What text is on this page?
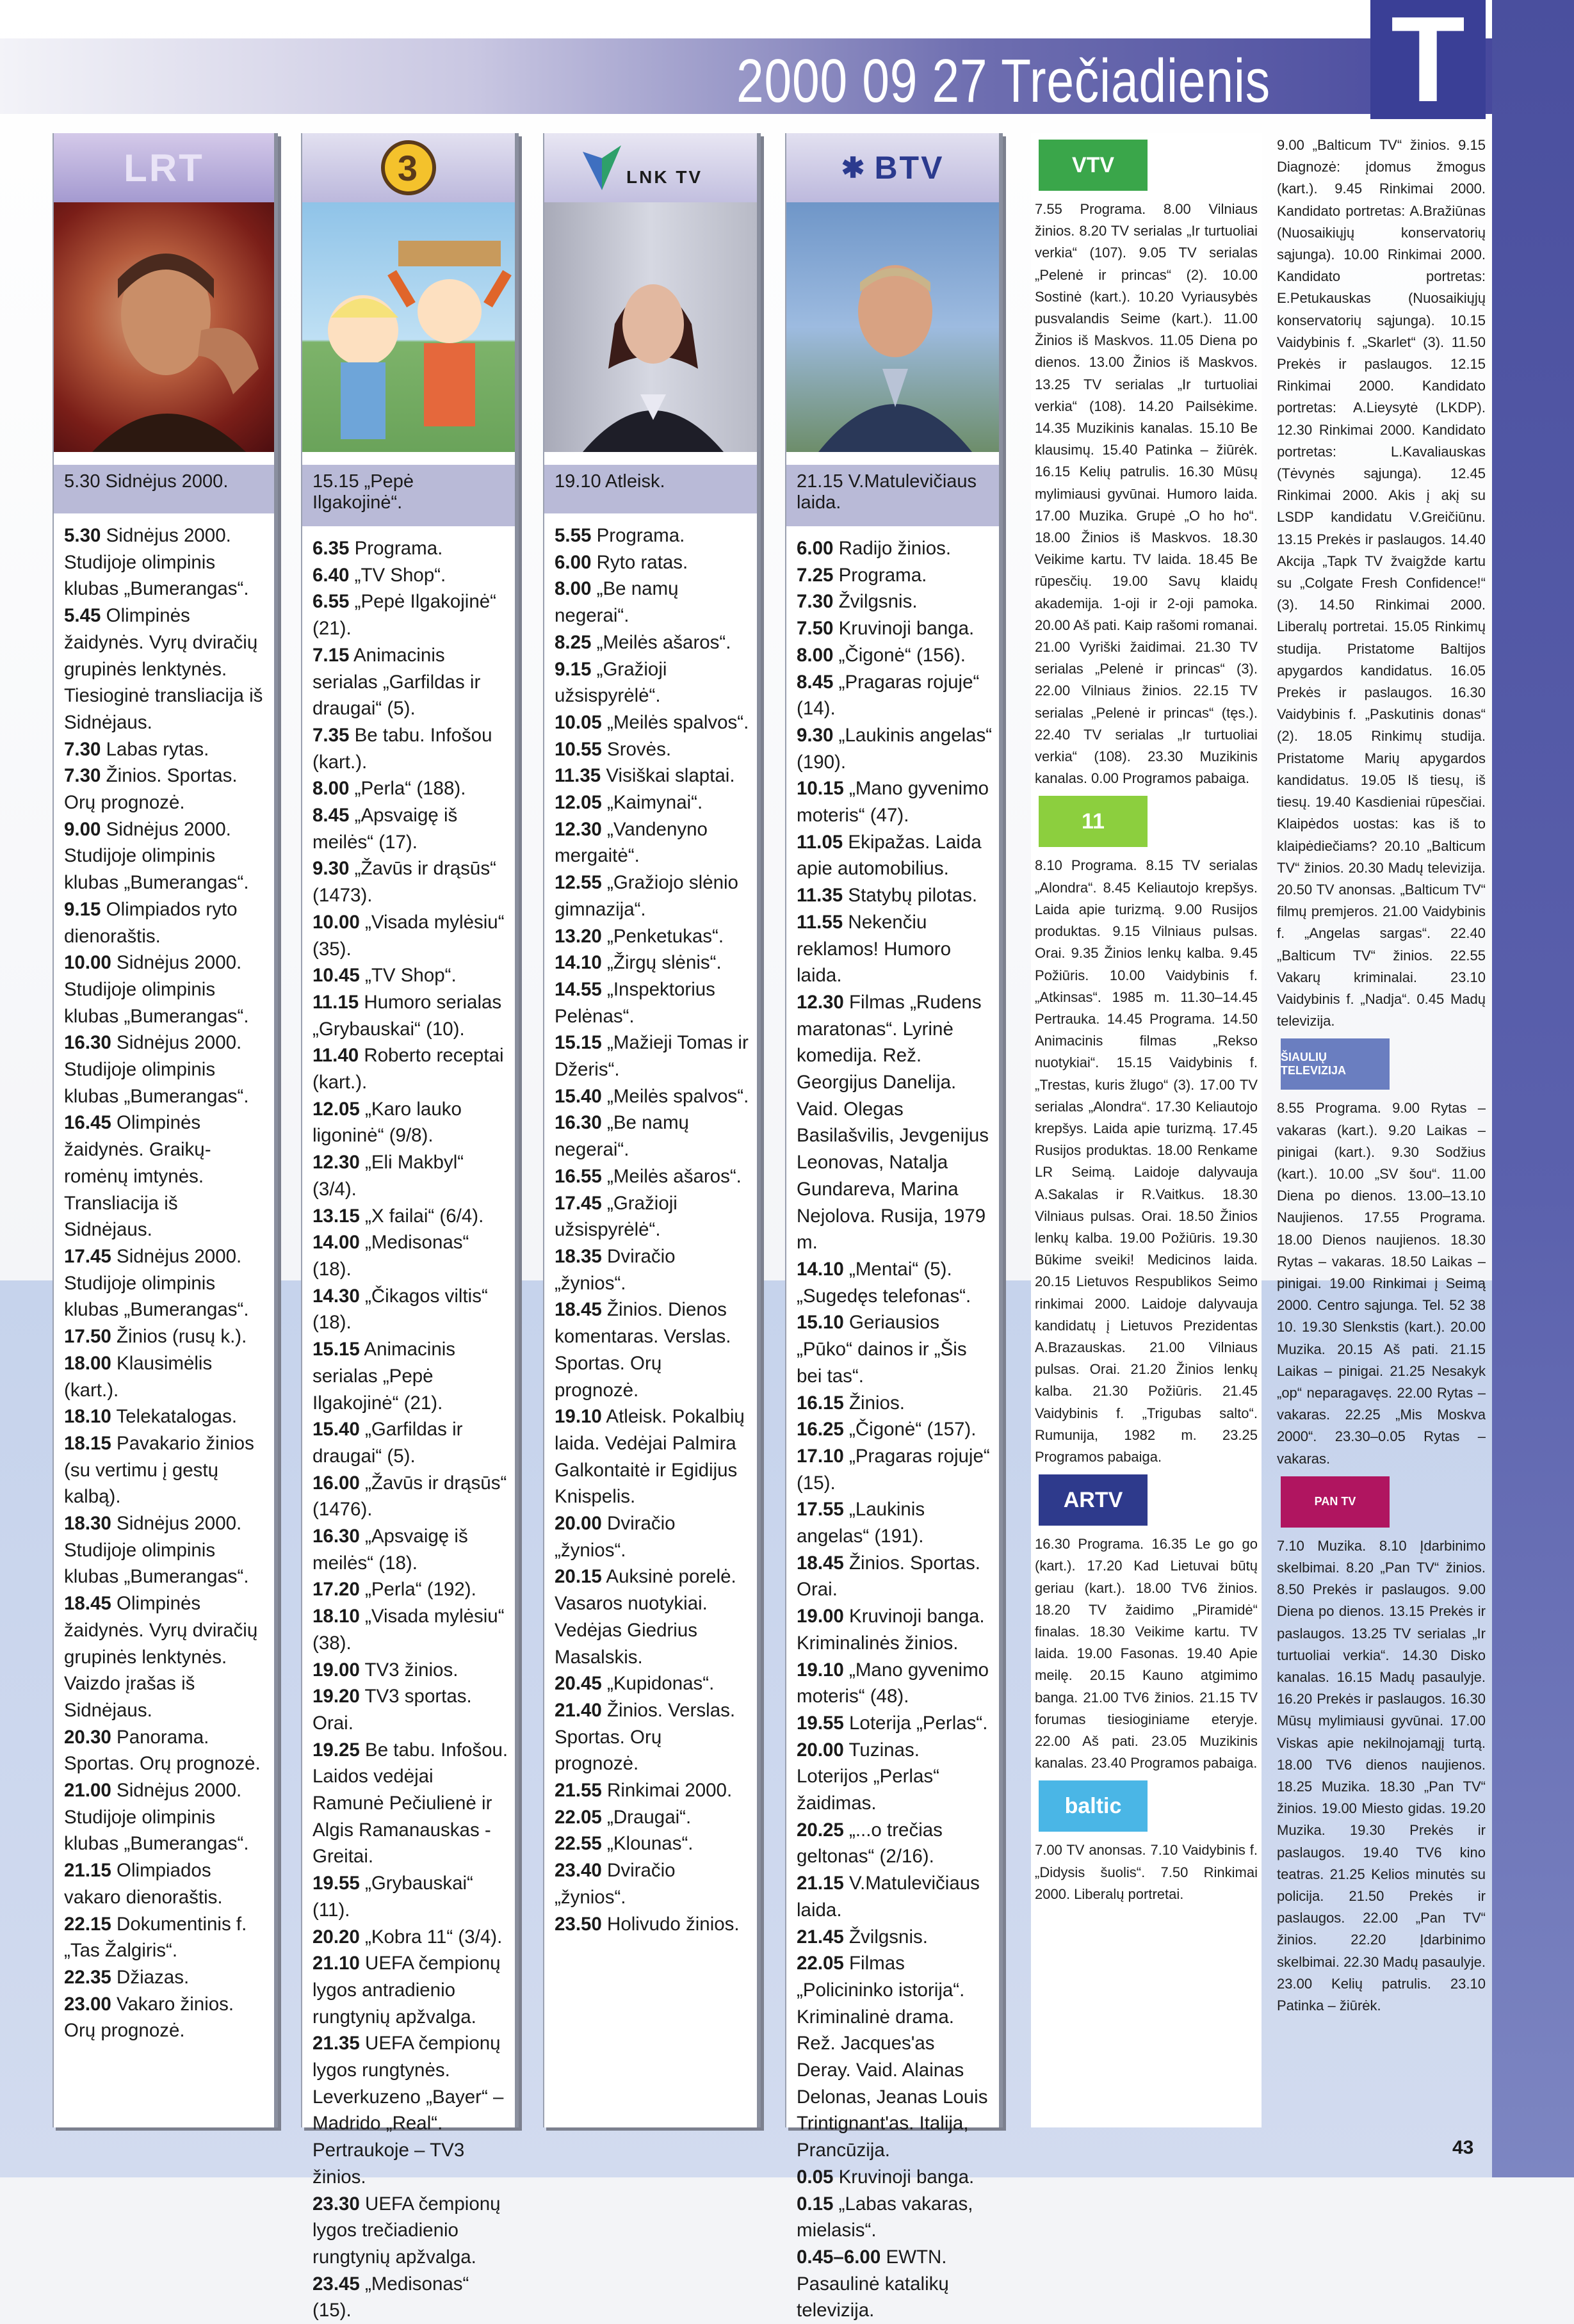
2000 09 27 Trečiadienis T
LRT
5.30 Sidnėjus 2000.
5.30 Sidnėjus 2000. Studijoje olimpinis klubas „Bumerangas“.
5.45 Olimpinės žaidynės. Vyrų dviračių grupinės lenktynės. Tiesioginė transliacija iš Sidnėjaus.
7.30 Labas rytas.
7.30 Žinios. Sportas. Orų prognozė.
9.00 Sidnėjus 2000. Studijoje olimpinis klubas „Bumerangas“.
9.15 Olimpiados ryto dienoraštis.
10.00 Sidnėjus 2000. Studijoje olimpinis klubas „Bumerangas“.
16.30 Sidnėjus 2000. Studijoje olimpinis klubas „Bumerangas“.
16.45 Olimpinės žaidynės. Graikų-romėnų imtynės. Transliacija iš Sidnėjaus.
17.45 Sidnėjus 2000. Studijoje olimpinis klubas „Bumerangas“.
17.50 Žinios (rusų k.).
18.00 Klausimėlis (kart.).
18.10 Telekatalogas.
18.15 Pavakario žinios (su vertimu į gestų kalbą).
18.30 Sidnėjus 2000. Studijoje olimpinis klubas „Bumerangas“.
18.45 Olimpinės žaidynės. Vyrų dviračių grupinės lenktynės. Vaizdo įrašas iš Sidnėjaus.
20.30 Panorama. Sportas. Orų prognozė.
21.00 Sidnėjus 2000. Studijoje olimpinis klubas „Bumerangas“.
21.15 Olimpiados vakaro dienoraštis.
22.15 Dokumentinis f. „Tas Žalgiris“.
22.35 Džiazas.
23.00 Vakaro žinios. Orų prognozė.
3
15.15 „Pepė Ilgakojinė“.
6.35 Programa.
6.40 „TV Shop“.
6.55 „Pepė Ilgakojinė“ (21).
7.15 Animacinis serialas „Garfildas ir draugai“ (5).
7.35 Be tabu. Infošou (kart.).
8.00 „Perla“ (188).
8.45 „Apsvaigę iš meilės“ (17).
9.30 „Žavūs ir drąsūs“ (1473).
10.00 „Visada mylėsiu“ (35).
10.45 „TV Shop“.
11.15 Humoro serialas „Grybauskai“ (10).
11.40 Roberto receptai (kart.).
12.05 „Karo lauko ligoninė“ (9/8).
12.30 „Eli Makbyl“ (3/4).
13.15 „X failai“ (6/4).
14.00 „Medisonas“ (18).
14.30 „Čikagos viltis“ (18).
15.15 Animacinis serialas „Pepė Ilgakojinė“ (21).
15.40 „Garfildas ir draugai“ (5).
16.00 „Žavūs ir drąsūs“ (1476).
16.30 „Apsvaigę iš meilės“ (18).
17.20 „Perla“ (192).
18.10 „Visada mylėsiu“ (38).
19.00 TV3 žinios.
19.20 TV3 sportas. Orai.
19.25 Be tabu. Infošou. Laidos vedėjai Ramunė Pečiulienė ir Algis Ramanauskas - Greitai.
19.55 „Grybauskai“ (11).
20.20 „Kobra 11“ (3/4).
21.10 UEFA čempionų lygos antradienio rungtynių apžvalga.
21.35 UEFA čempionų lygos rungtynės. Leverkuzeno „Bayer“ – Madrido „Real“. Pertraukoje – TV3 žinios.
23.30 UEFA čempionų lygos trečiadienio rungtynių apžvalga.
23.45 „Medisonas“ (15).
LNK TV
19.10 Atleisk.
5.55 Programa.
6.00 Ryto ratas.
8.00 „Be namų negerai“.
8.25 „Meilės ašaros“.
9.15 „Gražioji užsispyrėlė“.
10.05 „Meilės spalvos“.
10.55 Srovės.
11.35 Visiškai slaptai.
12.05 „Kaimynai“.
12.30 „Vandenyno mergaitė“.
12.55 „Gražiojo slėnio gimnazija“.
13.20 „Penketukas“.
14.10 „Žirgų slėnis“.
14.55 „Inspektorius Pelėnas“.
15.15 „Mažieji Tomas ir Džeris“.
15.40 „Meilės spalvos“.
16.30 „Be namų negerai“.
16.55 „Meilės ašaros“.
17.45 „Gražioji užsispyrėlė“.
18.35 Dviračio „žynios“.
18.45 Žinios. Dienos komentaras. Verslas. Sportas. Orų prognozė.
19.10 Atleisk. Pokalbių laida. Vedėjai Palmira Galkontaitė ir Egidijus Knispelis.
20.00 Dviračio „žynios“.
20.15 Auksinė porelė. Vasaros nuotykiai. Vedėjas Giedrius Masalskis.
20.45 „Kupidonas“.
21.40 Žinios. Verslas. Sportas. Orų prognozė.
21.55 Rinkimai 2000.
22.05 „Draugai“.
22.55 „Klounas“.
23.40 Dviračio „žynios“.
23.50 Holivudo žinios.
✱ BTV
21.15 V.Matulevičiaus laida.
6.00 Radijo žinios.
7.25 Programa.
7.30 Žvilgsnis.
7.50 Kruvinoji banga.
8.00 „Čigonė“ (156).
8.45 „Pragaras rojuje“ (14).
9.30 „Laukinis angelas“ (190).
10.15 „Mano gyvenimo moteris“ (47).
11.05 Ekipažas. Laida apie automobilius.
11.35 Statybų pilotas.
11.55 Nekenčiu reklamos! Humoro laida.
12.30 Filmas „Rudens maratonas“. Lyrinė komedija. Rež. Georgijus Danelija. Vaid. Olegas Basilašvilis, Jevgenijus Leonovas, Natalja Gundareva, Marina Nejolova. Rusija, 1979 m.
14.10 „Mentai“ (5). „Sugedęs telefonas“.
15.10 Geriausios „Pūko“ dainos ir „Šis bei tas“.
16.15 Žinios.
16.25 „Čigonė“ (157).
17.10 „Pragaras rojuje“ (15).
17.55 „Laukinis angelas“ (191).
18.45 Žinios. Sportas. Orai.
19.00 Kruvinoji banga. Kriminalinės žinios.
19.10 „Mano gyvenimo moteris“ (48).
19.55 Loterija „Perlas“.
20.00 Tuzinas. Loterijos „Perlas“ žaidimas.
20.25 „...o trečias geltonas“ (2/16).
21.15 V.Matulevičiaus laida.
21.45 Žvilgsnis.
22.05 Filmas „Policininko istorija“. Kriminalinė drama. Rež. Jacques'as Deray. Vaid. Alainas Delonas, Jeanas Louis Trintignant'as. Italija, Prancūzija.
0.05 Kruvinoji banga.
0.15 „Labas vakaras, mielasis“.
0.45–6.00 EWTN. Pasaulinė katalikų televizija.
VTV
7.55 Programa. 8.00 Vilniaus žinios. 8.20 TV serialas „Ir turtuoliai verkia“ (107). 9.05 TV serialas „Pelenė ir princas“ (2). 10.00 Sostinė (kart.). 10.20 Vyriausybės pusvalandis Seime (kart.). 11.00 Žinios iš Maskvos. 11.05 Diena po dienos. 13.00 Žinios iš Maskvos. 13.25 TV serialas „Ir turtuoliai verkia“ (108). 14.20 Pailsėkime. 14.35 Muzikinis kanalas. 15.10 Be klausimų. 15.40 Patinka – žiūrėk. 16.15 Kelių patrulis. 16.30 Mūsų mylimiausi gyvūnai. Humoro laida. 17.00 Muzika. Grupė „O ho ho“. 18.00 Žinios iš Maskvos. 18.30 Veikime kartu. TV laida. 18.45 Be rūpesčių. 19.00 Savų klaidų akademija. 1-oji ir 2-oji pamoka. 20.00 Aš pati. Kaip rašomi romanai. 21.00 Vyriški žaidimai. 21.30 TV serialas „Pelenė ir princas“ (3). 22.00 Vilniaus žinios. 22.15 TV serialas „Pelenė ir princas“ (tęs.). 22.40 TV serialas „Ir turtuoliai verkia“ (108). 23.30 Muzikinis kanalas. 0.00 Programos pabaiga.
11
8.10 Programa. 8.15 TV serialas „Alondra“. 8.45 Keliautojo krepšys. Laida apie turizmą. 9.00 Rusijos produktas. 9.15 Vilniaus pulsas. Orai. 9.35 Žinios lenkų kalba. 9.45 Požiūris. 10.00 Vaidybinis f. „Atkinsas“. 1985 m. 11.30–14.45 Pertrauka. 14.45 Programa. 14.50 Animacinis filmas „Rekso nuotykiai“. 15.15 Vaidybinis f. „Trestas, kuris žlugo“ (3). 17.00 TV serialas „Alondra“. 17.30 Keliautojo krepšys. Laida apie turizmą. 17.45 Rusijos produktas. 18.00 Renkame LR Seimą. Laidoje dalyvauja A.Sakalas ir R.Vaitkus. 18.30 Vilniaus pulsas. Orai. 18.50 Žinios lenkų kalba. 19.00 Požiūris. 19.30 Būkime sveiki! Medicinos laida. 20.15 Lietuvos Respublikos Seimo rinkimai 2000. Laidoje dalyvauja kandidatų į Lietuvos Prezidentas A.Brazauskas. 21.00 Vilniaus pulsas. Orai. 21.20 Žinios lenkų kalba. 21.30 Požiūris. 21.45 Vaidybinis f. „Trigubas salto“. Rumunija, 1982 m. 23.25 Programos pabaiga.
ARTV
16.30 Programa. 16.35 Le go go (kart.). 17.20 Kad Lietuvai būtų geriau (kart.). 18.00 TV6 žinios. 18.20 TV žaidimo „Piramidė“ finalas. 18.30 Veikime kartu. TV laida. 19.00 Fasonas. 19.40 Apie meilę. 20.15 Kauno atgimimo banga. 21.00 TV6 žinios. 21.15 TV forumas tiesioginiame eteryje. 22.00 Aš pati. 23.05 Muzikinis kanalas. 23.40 Programos pabaiga.
baltic
7.00 TV anonsas. 7.10 Vaidybinis f. „Didysis šuolis“. 7.50 Rinkimai 2000. Liberalų portretai.
9.00 „Balticum TV“ žinios. 9.15 Diagnozė: įdomus žmogus (kart.). 9.45 Rinkimai 2000. Kandidato portretas: A.Bražiūnas (Nuosaikiųjų konservatorių sąjunga). 10.00 Rinkimai 2000. Kandidato portretas: E.Petukauskas (Nuosaikiųjų konservatorių sąjunga). 10.15 Vaidybinis f. „Skarlet“ (3). 11.50 Prekės ir paslaugos. 12.15 Rinkimai 2000. Kandidato portretas: A.Lieysytė (LKDP). 12.30 Rinkimai 2000. Kandidato portretas: L.Kavaliauskas (Tėvynės sąjunga). 12.45 Rinkimai 2000. Akis į akį su LSDP kandidatu V.Greičiūnu. 13.15 Prekės ir paslaugos. 14.40 Akcija „Tapk TV žvaigžde kartu su „Colgate Fresh Confidence!“ (3). 14.50 Rinkimai 2000. Liberalų portretai. 15.05 Rinkimų studija. Pristatome Baltijos apygardos kandidatus. 16.05 Prekės ir paslaugos. 16.30 Vaidybinis f. „Paskutinis donas“ (2). 18.05 Rinkimų studija. Pristatome Marių apygardos kandidatus. 19.05 Iš tiesų, iš tiesų. 19.40 Kasdieniai rūpesčiai. Klaipėdos uostas: kas iš to klaipėdiečiams? 20.10 „Balticum TV“ žinios. 20.30 Madų televizija. 20.50 TV anonsas. „Balticum TV“ filmų premjeros. 21.00 Vaidybinis f. „Angelas sargas“. 22.40 „Balticum TV“ žinios. 22.55 Vakarų kriminalai. 23.10 Vaidybinis f. „Nadja“. 0.45 Madų televizija.
ŠIAULIŲ TELEVIZIJA
8.55 Programa. 9.00 Rytas – vakaras (kart.). 9.20 Laikas – pinigai (kart.). 9.30 Sodžius (kart.). 10.00 „SV šou“. 11.00 Diena po dienos. 13.00–13.10 Naujienos. 17.55 Programa. 18.00 Dienos naujienos. 18.30 Rytas – vakaras. 18.50 Laikas – pinigai. 19.00 Rinkimai į Seimą 2000. Centro sąjunga. Tel. 52 38 10. 19.30 Slenkstis (kart.). 20.00 Muzika. 20.15 Aš pati. 21.15 Laikas – pinigai. 21.25 Nesakyk „op“ neparagavęs. 22.00 Rytas – vakaras. 22.25 „Mis Moskva 2000“. 23.30–0.05 Rytas – vakaras.
PAN TV
7.10 Muzika. 8.10 Įdarbinimo skelbimai. 8.20 „Pan TV“ žinios. 8.50 Prekės ir paslaugos. 9.00 Diena po dienos. 13.15 Prekės ir paslaugos. 13.25 TV serialas „Ir turtuoliai verkia“. 14.30 Disko kanalas. 16.15 Madų pasaulyje. 16.20 Prekės ir paslaugos. 16.30 Mūsų mylimiausi gyvūnai. 17.00 Viskas apie nekilnojamąjį turtą. 18.00 TV6 dienos naujienos. 18.25 Muzika. 18.30 „Pan TV“ žinios. 19.00 Miesto gidas. 19.20 Muzika. 19.30 Prekės ir paslaugos. 19.40 TV6 kino teatras. 21.25 Kelios minutės su policija. 21.50 Prekės ir paslaugos. 22.00 „Pan TV“ žinios. 22.20 Įdarbinimo skelbimai. 22.30 Madų pasaulyje. 23.00 Kelių patrulis. 23.10 Patinka – žiūrėk.
43
